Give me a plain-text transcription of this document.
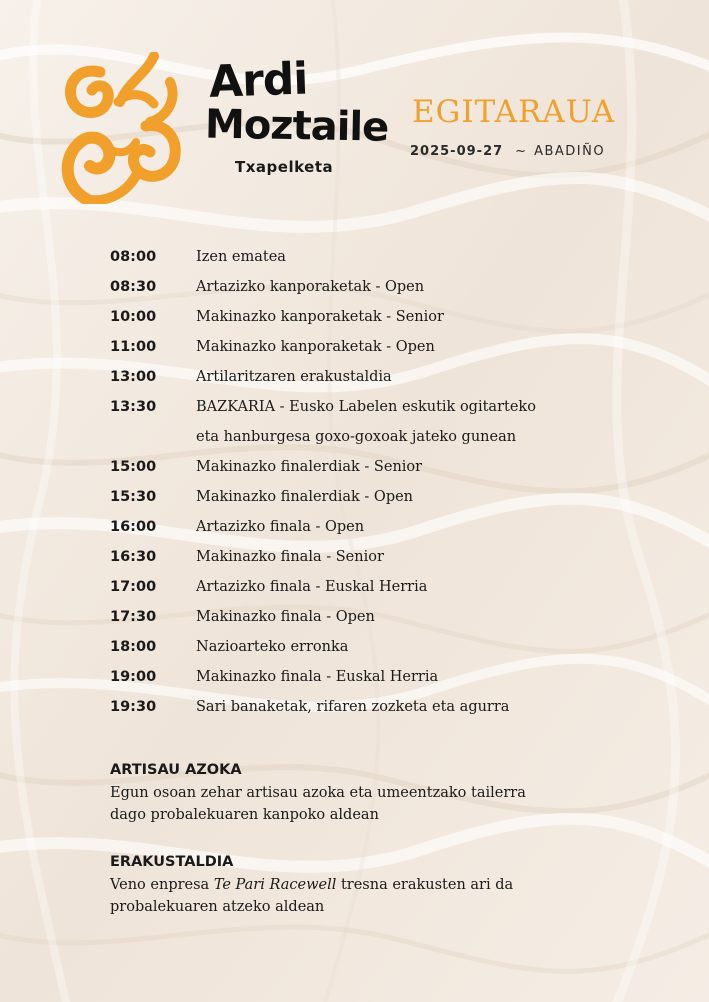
Ardi
Moztaile
Txapelketa
EGITARAUA
2025-09-27 ~ ABADIÑO
08:00	Izen ematea
08:30	Artazizko kanporaketak - Open
10:00	Makinazko kanporaketak - Senior
11:00	Makinazko kanporaketak - Open
13:00	Artilaritzaren erakustaldia
13:30	BAZKARIA - Eusko Labelen eskutik ogitarteko
eta hanburgesa goxo-goxoak jateko gunean
15:00	Makinazko finalerdiak - Senior
15:30	Makinazko finalerdiak - Open
16:00	Artazizko finala - Open
16:30	Makinazko finala - Senior
17:00	Artazizko finala - Euskal Herria
17:30	Makinazko finala - Open
18:00	Nazioarteko erronka
19:00	Makinazko finala - Euskal Herria
19:30	Sari banaketak, rifaren zozketa eta agurra
ARTISAU AZOKA
Egun osoan zehar artisau azoka eta umeentzako tailerra
dago probalekuaren kanpoko aldean
ERAKUSTALDIA
Veno enpresa Te Pari Racewell tresna erakusten ari da
probalekuaren atzeko aldean
